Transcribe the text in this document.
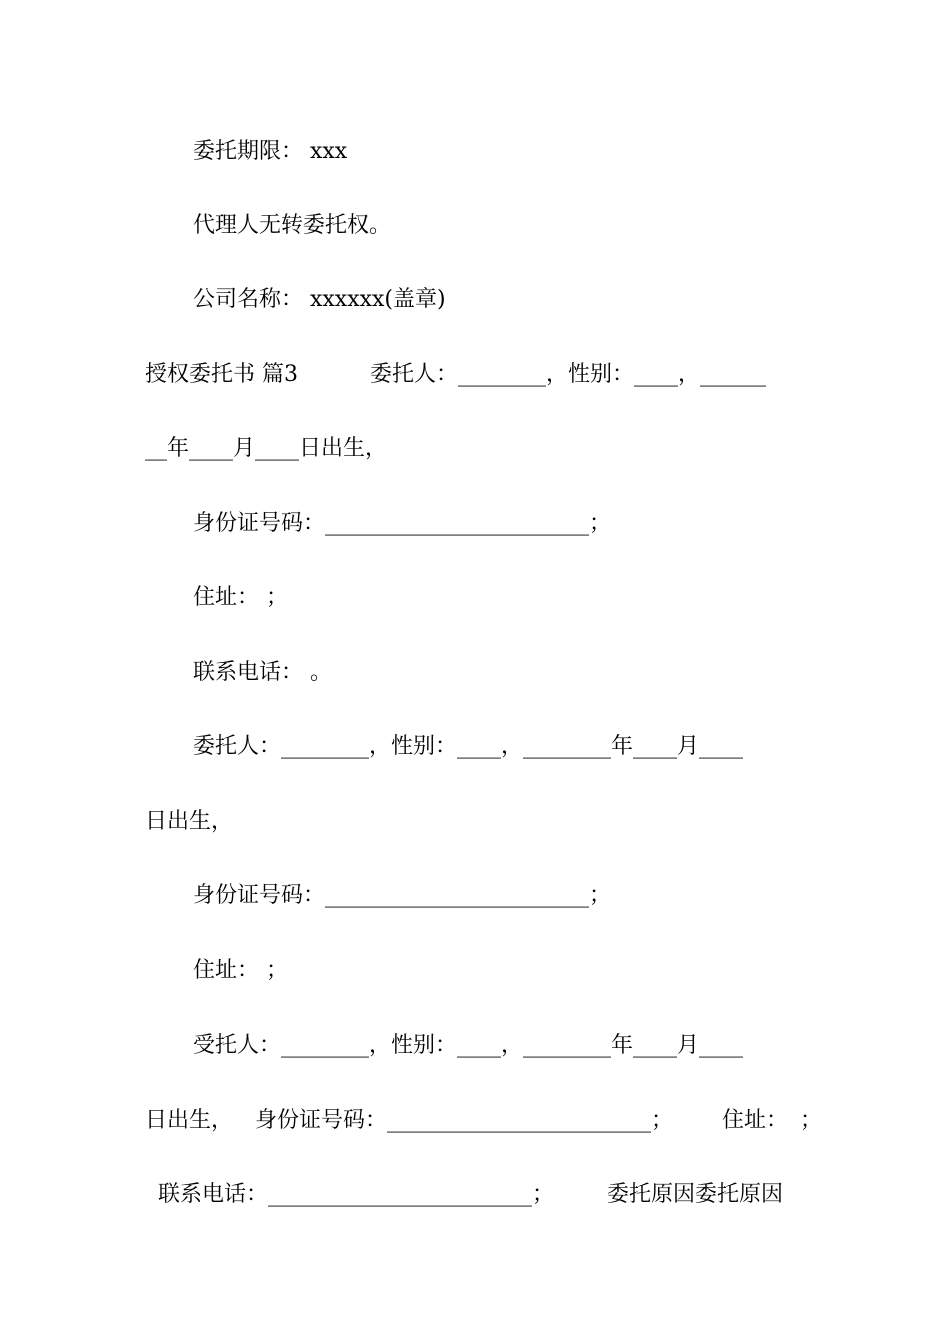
委托期限： xxx

代理人无转委托权。

公司名称： xxxxxx(盖章)

授权委托书 篇3

	委托人：________，性别：____，______

__年____月____日出生，

身份证号码：________________________；

住址： ；

联系电话： 。

委托人：________，性别：____，________年____月____

日出生，

身份证号码：________________________；

住址： ；

受托人：________，性别：____，________年____月____

日出生，

身份证号码：________________________；

住址：

；

联系电话：________________________；

委托原因委托原因
